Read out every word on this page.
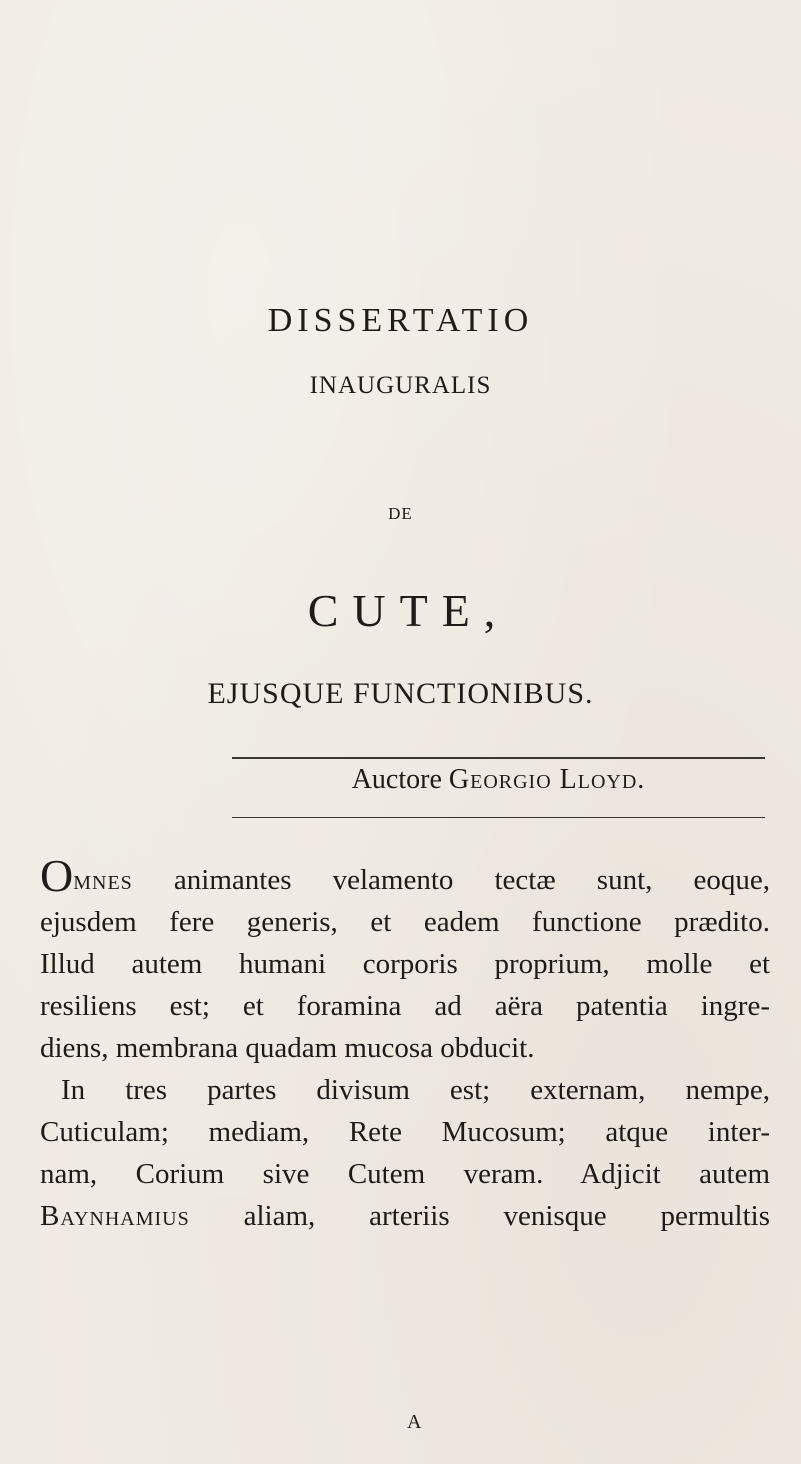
DISSERTATIO
INAUGURALIS
DE
CUTE,
EJUSQUE FUNCTIONIBUS.
Auctore Georgio Lloyd.
Omnes animantes velamento tectæ sunt, eoque,
ejusdem fere generis, et eadem functione prædito.
Illud autem humani corporis proprium, molle et
resiliens est; et foramina ad aëra patentia ingre-
diens, membrana quadam mucosa obducit.
In tres partes divisum est; externam, nempe,
Cuticulam; mediam, Rete Mucosum; atque inter-
nam, Corium sive Cutem veram. Adjicit autem
Baynhamius aliam, arteriis venisque permultis
A
